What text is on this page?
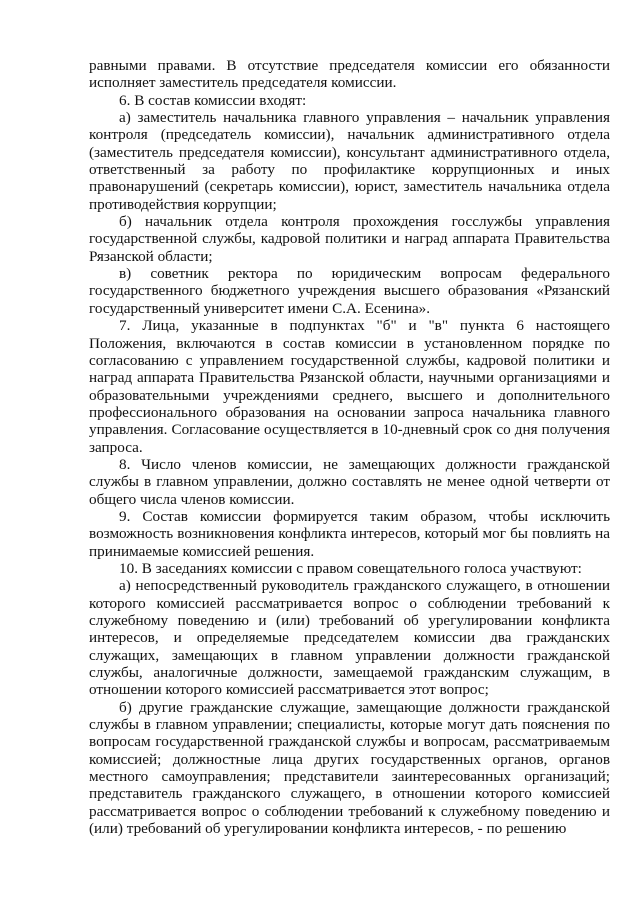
равными правами. В отсутствие председателя комиссии его обязанности исполняет заместитель председателя комиссии.

6. В состав комиссии входят:

а) заместитель начальника главного управления – начальник управления контроля (председатель комиссии), начальник административного отдела (заместитель председателя комиссии), консультант административного отдела, ответственный за работу по профилактике коррупционных и иных правонарушений (секретарь комиссии), юрист, заместитель начальника отдела противодействия коррупции;

б) начальник отдела контроля прохождения госслужбы управления государственной службы, кадровой политики и наград аппарата Правительства Рязанской области;

в) советник ректора по юридическим вопросам федерального государственного бюджетного учреждения высшего образования «Рязанский государственный университет имени С.А. Есенина».

7. Лица, указанные в подпунктах "б" и "в" пункта 6 настоящего Положения, включаются в состав комиссии в установленном порядке по согласованию с управлением государственной службы, кадровой политики и наград аппарата Правительства Рязанской области, научными организациями и образовательными учреждениями среднего, высшего и дополнительного профессионального образования на основании запроса начальника главного управления. Согласование осуществляется в 10-дневный срок со дня получения запроса.

8. Число членов комиссии, не замещающих должности гражданской службы в главном управлении, должно составлять не менее одной четверти от общего числа членов комиссии.

9. Состав комиссии формируется таким образом, чтобы исключить возможность возникновения конфликта интересов, который мог бы повлиять на принимаемые комиссией решения.

10. В заседаниях комиссии с правом совещательного голоса участвуют:

а) непосредственный руководитель гражданского служащего, в отношении которого комиссией рассматривается вопрос о соблюдении требований к служебному поведению и (или) требований об урегулировании конфликта интересов, и определяемые председателем комиссии два гражданских служащих, замещающих в главном управлении должности гражданской службы, аналогичные должности, замещаемой гражданским служащим, в отношении которого комиссией рассматривается этот вопрос;

б) другие гражданские служащие, замещающие должности гражданской службы в главном управлении; специалисты, которые могут дать пояснения по вопросам государственной гражданской службы и вопросам, рассматриваемым комиссией; должностные лица других государственных органов, органов местного самоуправления; представители заинтересованных организаций; представитель гражданского служащего, в отношении которого комиссией рассматривается вопрос о соблюдении требований к служебному поведению и (или) требований об урегулировании конфликта интересов, - по решению
